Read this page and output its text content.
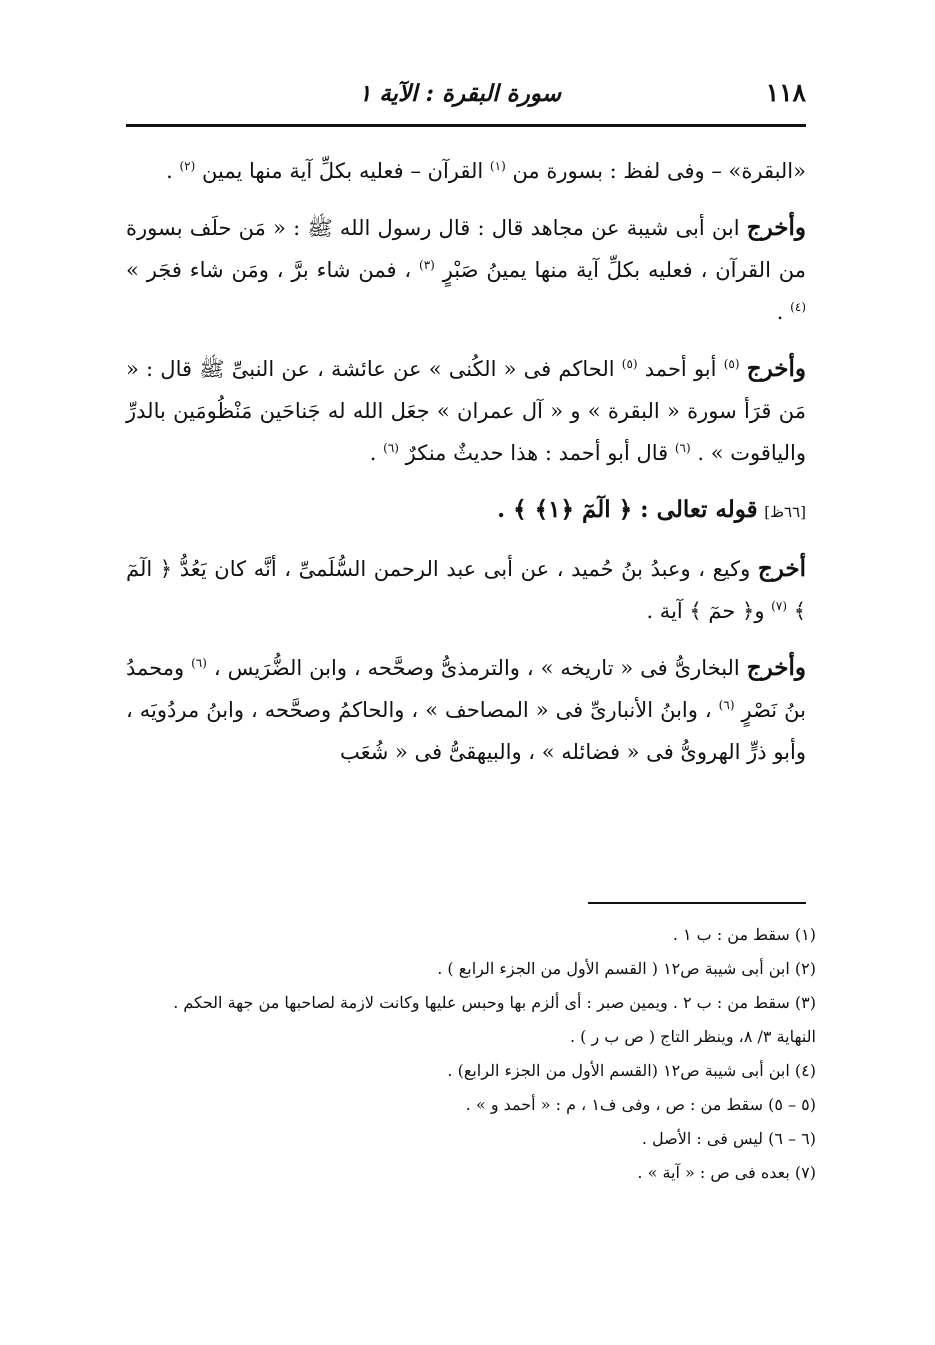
١١٨
سورة البقرة : الآية ١

«البقرة» – وفى لفظ : بسورة من $^{(١)}$ القرآن – فعليه بكلِّ آية منها يمين $^{(٢)}$ .

وأخرج ابن أبى شيبة عن مجاهد قال : قال رسول الله ﷺ : « مَن حلَف بسورة من القرآن ، فعليه بكلِّ آية منها يمينُ صَبْرٍ $^{(٣)}$ ، فمن شاء برَّ ، ومَن شاء فجَر » $^{(٤)}$ .

وأخرج $^{(٥)}$ أبو أحمد $^{(٥)}$ الحاكم فى « الكُنى » عن عائشة ، عن النبىِّ ﷺ قال : « مَن قرَأ سورة « البقرة » و « آل عمران » جعَل الله له جَناحَين مَنْظُومَين بالدرِّ والياقوت » . $^{(٦)}$ قال أبو أحمد : هذا حديثٌ منكرٌ $^{(٦)}$ .

[٦٦ظ] قوله تعالى : ﴿ الٓمٓ ﴿١﴾ ﴾ .

أخرج وكيع ، وعبدُ بنُ حُميد ، عن أبى عبد الرحمن السُّلَمىِّ ، أنَّه كان يَعُدُّ ﴿ الٓمٓ ﴾ $^{(٧)}$ و﴿ حمٓ ﴾ آية .

وأخرج البخارىُّ فى « تاريخه » ، والترمذىُّ وصحَّحه ، وابن الضُّرَيس ، $^{(٦)}$ ومحمدُ بنُ نَصْرٍ $^{(٦)}$ ، وابنُ الأنبارىِّ فى « المصاحف » ، والحاكمُ وصحَّحه ، وابنُ مردُويَه ، وأبو ذرٍّ الهروىُّ فى « فضائله » ، والبيهقىُّ فى « شُعَب

(١) سقط من : ب ١ .

(٢) ابن أبى شيبة ص١٢ ( القسم الأول من الجزء الرابع ) .

(٣) سقط من : ب ٢ . ويمين صبر : أى ألزم بها وحبس عليها وكانت لازمة لصاحبها من جهة الحكم .

النهاية ٣/ ٨، وينظر التاج ( ص ب ر ) .

(٤) ابن أبى شيبة ص١٢ (القسم الأول من الجزء الرابع) .

(٥ – ٥) سقط من : ص ، وفى ف١ ، م : « أحمد و » .

(٦ – ٦) ليس فى : الأصل .

(٧) بعده فى ص : « آية » .
